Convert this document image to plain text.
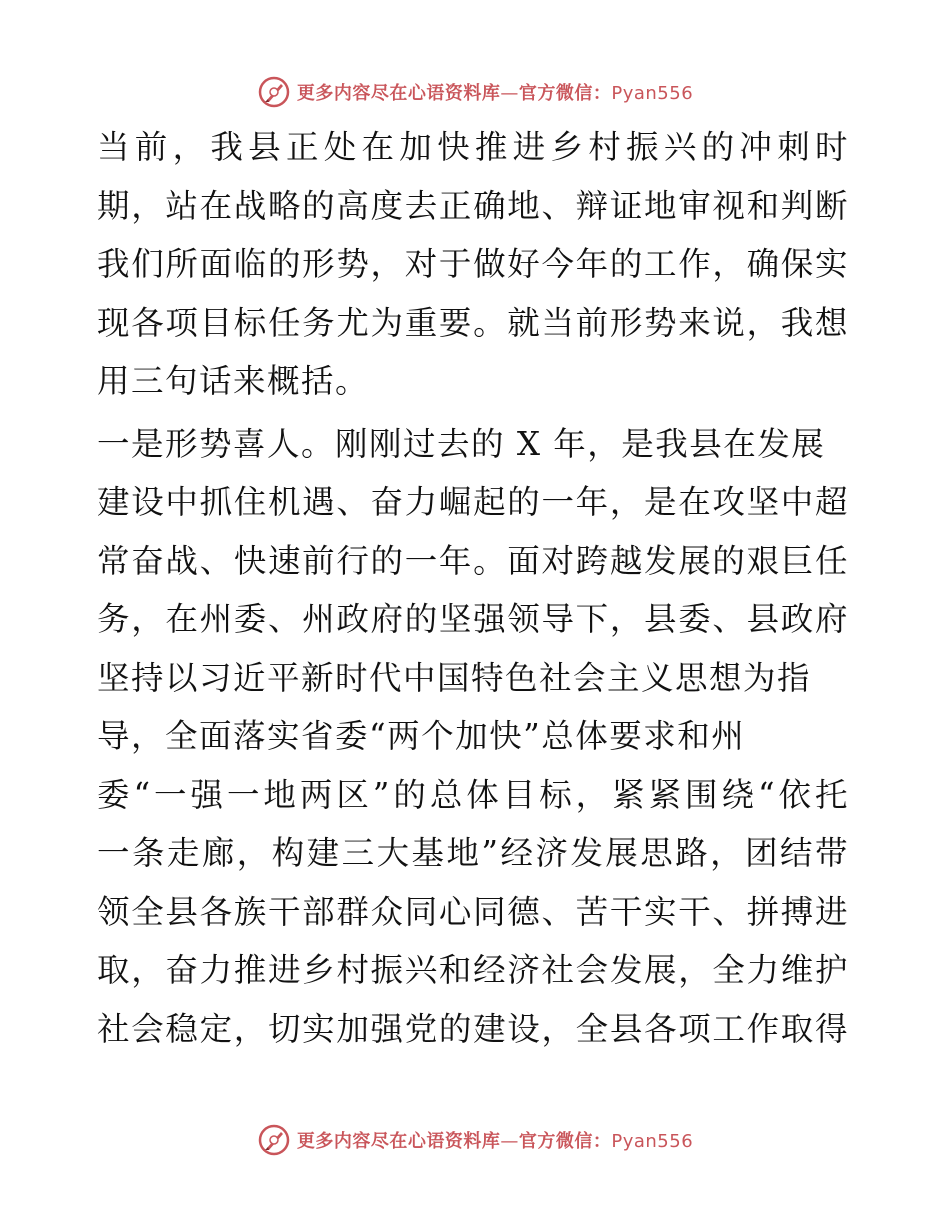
更多内容尽在心语资料库—官方微信：Pyan556

当前，我县正处在加快推进乡村振兴的冲刺时
期，站在战略的高度去正确地、辩证地审视和判断
我们所面临的形势，对于做好今年的工作，确保实
现各项目标任务尤为重要。就当前形势来说，我想
用三句话来概括。

一是形势喜人。刚刚过去的 X 年，是我县在发展
建设中抓住机遇、奋力崛起的一年，是在攻坚中超
常奋战、快速前行的一年。面对跨越发展的艰巨任
务，在州委、州政府的坚强领导下，县委、县政府
坚持以习近平新时代中国特色社会主义思想为指
导，全面落实省委“两个加快”总体要求和州
委“一强一地两区”的总体目标，紧紧围绕“依托
一条走廊，构建三大基地”经济发展思路，团结带
领全县各族干部群众同心同德、苦干实干、拼搏进
取，奋力推进乡村振兴和经济社会发展，全力维护
社会稳定，切实加强党的建设，全县各项工作取得

更多内容尽在心语资料库—官方微信：Pyan556
